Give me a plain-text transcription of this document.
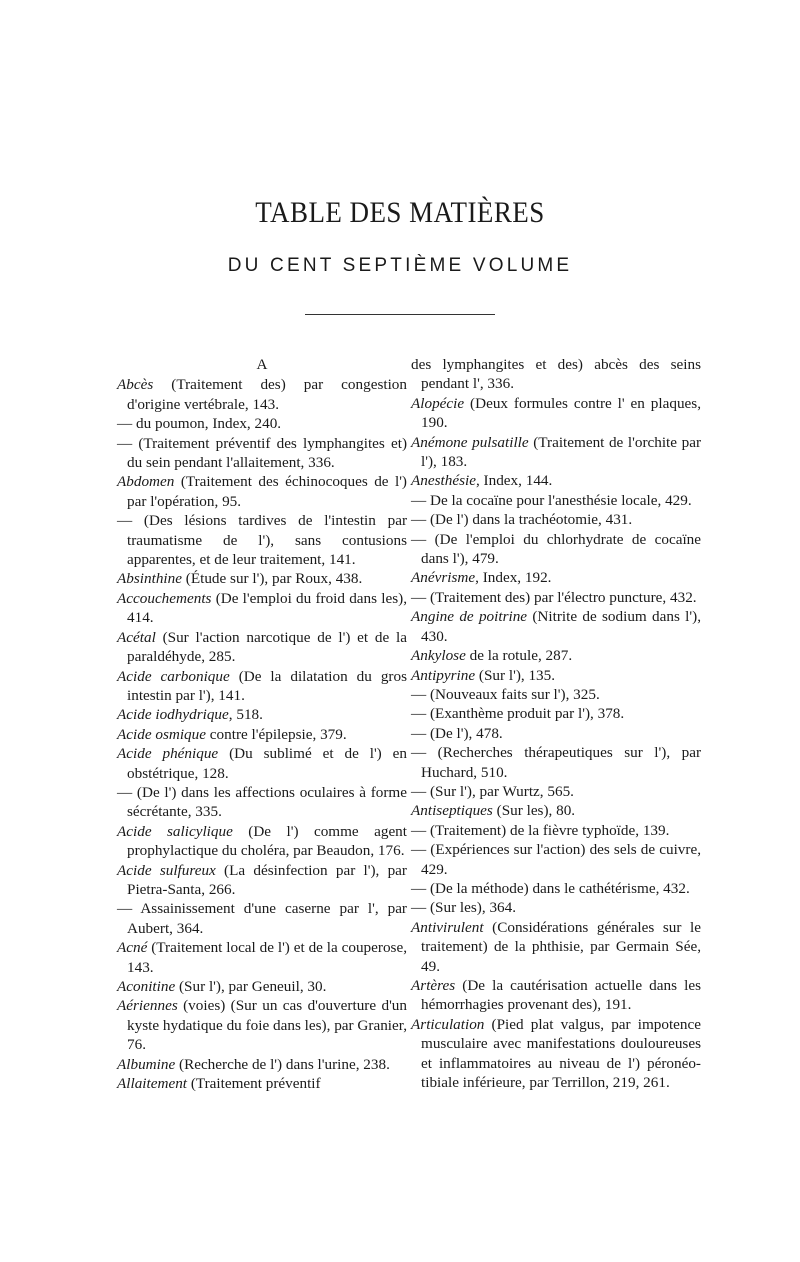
TABLE DES MATIÈRES
DU CENT SEPTIÈME VOLUME
A
Abcès (Traitement des) par congestion d'origine vertébrale, 143.
— du poumon, Index, 240.
— (Traitement préventif des lymphangites et) du sein pendant l'allaitement, 336.
Abdomen (Traitement des échinocoques de l') par l'opération, 95.
— (Des lésions tardives de l'intestin par traumatisme de l'), sans contusions apparentes, et de leur traitement, 141.
Absinthine (Étude sur l'), par Roux, 438.
Accouchements (De l'emploi du froid dans les), 414.
Acétal (Sur l'action narcotique de l') et de la paraldéhyde, 285.
Acide carbonique (De la dilatation du gros intestin par l'), 141.
Acide iodhydrique, 518.
Acide osmique contre l'épilepsie, 379.
Acide phénique (Du sublimé et de l') en obstétrique, 128.
— (De l') dans les affections oculaires à forme sécrétante, 335.
Acide salicylique (De l') comme agent prophylactique du choléra, par Beaudon, 176.
Acide sulfureux (La désinfection par l'), par Pietra-Santa, 266.
— Assainissement d'une caserne par l', par Aubert, 364.
Acné (Traitement local de l') et de la couperose, 143.
Aconitine (Sur l'), par Geneuil, 30.
Aériennes (voies) (Sur un cas d'ouverture d'un kyste hydatique du foie dans les), par Granier, 76.
Albumine (Recherche de l') dans l'urine, 238.
Allaitement (Traitement préventif
des lymphangites et des) abcès des seins pendant l', 336.
Alopécie (Deux formules contre l' en plaques, 190.
Anémone pulsatille (Traitement de l'orchite par l'), 183.
Anesthésie, Index, 144.
— De la cocaïne pour l'anesthésie locale, 429.
— (De l') dans la trachéotomie, 431.
— (De l'emploi du chlorhydrate de cocaïne dans l'), 479.
Anévrisme, Index, 192.
— (Traitement des) par l'électro puncture, 432.
Angine de poitrine (Nitrite de sodium dans l'), 430.
Ankylose de la rotule, 287.
Antipyrine (Sur l'), 135.
— (Nouveaux faits sur l'), 325.
— (Exanthème produit par l'), 378.
— (De l'), 478.
— (Recherches thérapeutiques sur l'), par Huchard, 510.
— (Sur l'), par Wurtz, 565.
Antiseptiques (Sur les), 80.
— (Traitement) de la fièvre typhoïde, 139.
— (Expériences sur l'action) des sels de cuivre, 429.
— (De la méthode) dans le cathétérisme, 432.
— (Sur les), 364.
Antivirulent (Considérations générales sur le traitement) de la phthisie, par Germain Sée, 49.
Artères (De la cautérisation actuelle dans les hémorrhagies provenant des), 191.
Articulation (Pied plat valgus, par impotence musculaire avec manifestations douloureuses et inflammatoires au niveau de l') péronéo-tibiale inférieure, par Terrillon, 219, 261.
